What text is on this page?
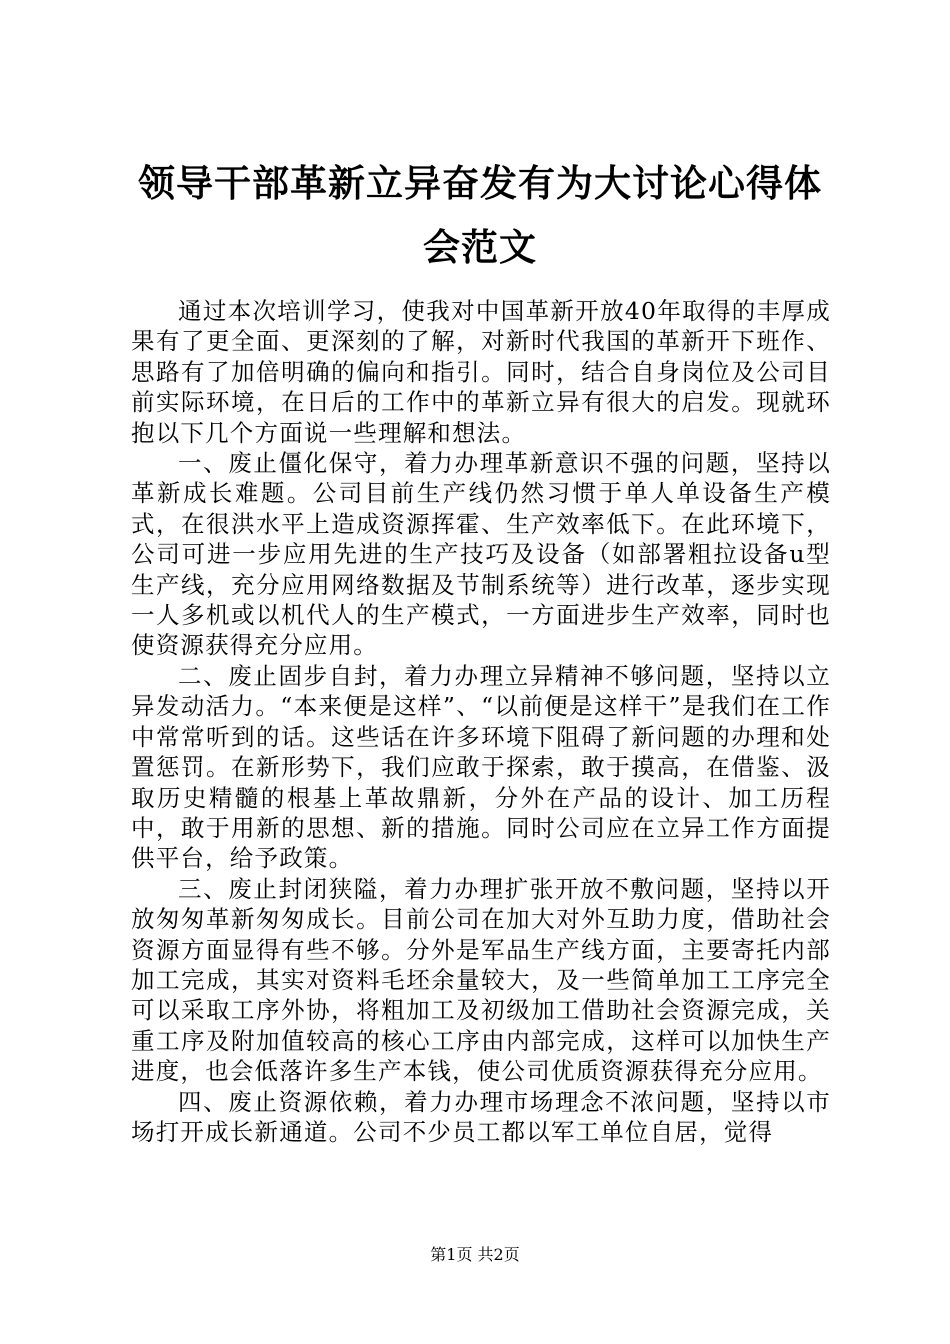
领导干部革新立异奋发有为大讨论心得体会范文

通过本次培训学习，使我对中国革新开放40年取得的丰厚成果有了更全面、更深刻的了解，对新时代我国的革新开下班作、思路有了加倍明确的偏向和指引。同时，结合自身岗位及公司目前实际环境，在日后的工作中的革新立异有很大的启发。现就环抱以下几个方面说一些理解和想法。

一、废止僵化保守，着力办理革新意识不强的问题，坚持以革新成长难题。公司目前生产线仍然习惯于单人单设备生产模式，在很洪水平上造成资源挥霍、生产效率低下。在此环境下，公司可进一步应用先进的生产技巧及设备（如部署粗拉设备u型生产线，充分应用网络数据及节制系统等）进行改革，逐步实现一人多机或以机代人的生产模式，一方面进步生产效率，同时也使资源获得充分应用。

二、废止固步自封，着力办理立异精神不够问题，坚持以立异发动活力。“本来便是这样”、“以前便是这样干”是我们在工作中常常听到的话。这些话在许多环境下阻碍了新问题的办理和处置惩罚。在新形势下，我们应敢于探索，敢于摸高，在借鉴、汲取历史精髓的根基上革故鼎新，分外在产品的设计、加工历程中，敢于用新的思想、新的措施。同时公司应在立异工作方面提供平台，给予政策。

三、废止封闭狭隘，着力办理扩张开放不敷问题，坚持以开放匆匆革新匆匆成长。目前公司在加大对外互助力度，借助社会资源方面显得有些不够。分外是军品生产线方面，主要寄托内部加工完成，其实对资料毛坯余量较大，及一些简单加工工序完全可以采取工序外协，将粗加工及初级加工借助社会资源完成，关重工序及附加值较高的核心工序由内部完成，这样可以加快生产进度，也会低落许多生产本钱，使公司优质资源获得充分应用。

四、废止资源依赖，着力办理市场理念不浓问题，坚持以市场打开成长新通道。公司不少员工都以军工单位自居，觉得

第1页 共2页
